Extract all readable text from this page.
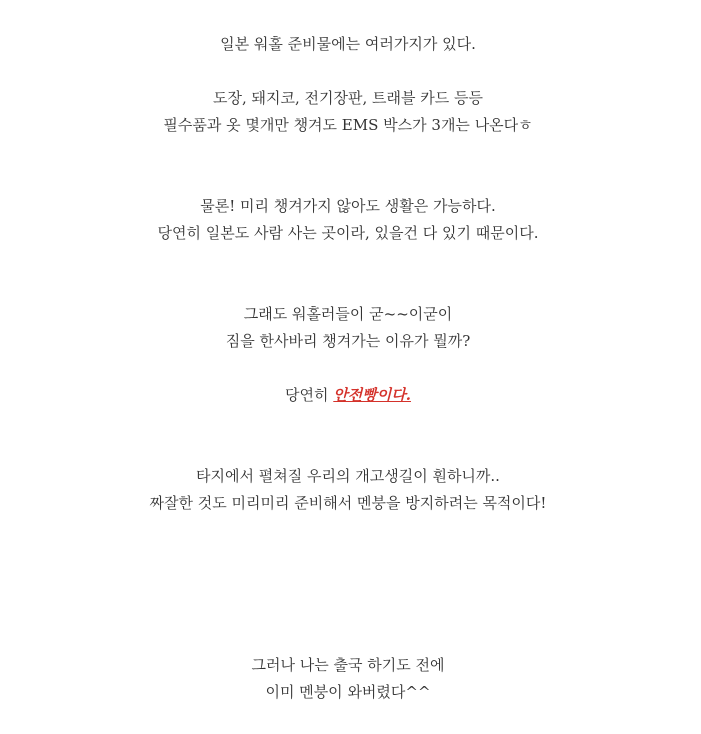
일본 워홀 준비물에는 여러가지가 있다.
도장, 돼지코, 전기장판, 트래블 카드 등등
필수품과 옷 몇개만 챙겨도 EMS 박스가 3개는 나온다ㅎ
물론! 미리 챙겨가지 않아도 생활은 가능하다.
당연히 일본도 사람 사는 곳이라, 있을건 다 있기 때문이다.
그래도 워홀러들이 굳~~이굳이
짐을 한사바리 챙겨가는 이유가 뭘까?
당연히 안전빵이다.
타지에서 펼쳐질 우리의 개고생길이 훤하니까..
짜잘한 것도 미리미리 준비해서 멘붕을 방지하려는 목적이다!
그러나 나는 출국 하기도 전에
이미 멘붕이 와버렸다^^
